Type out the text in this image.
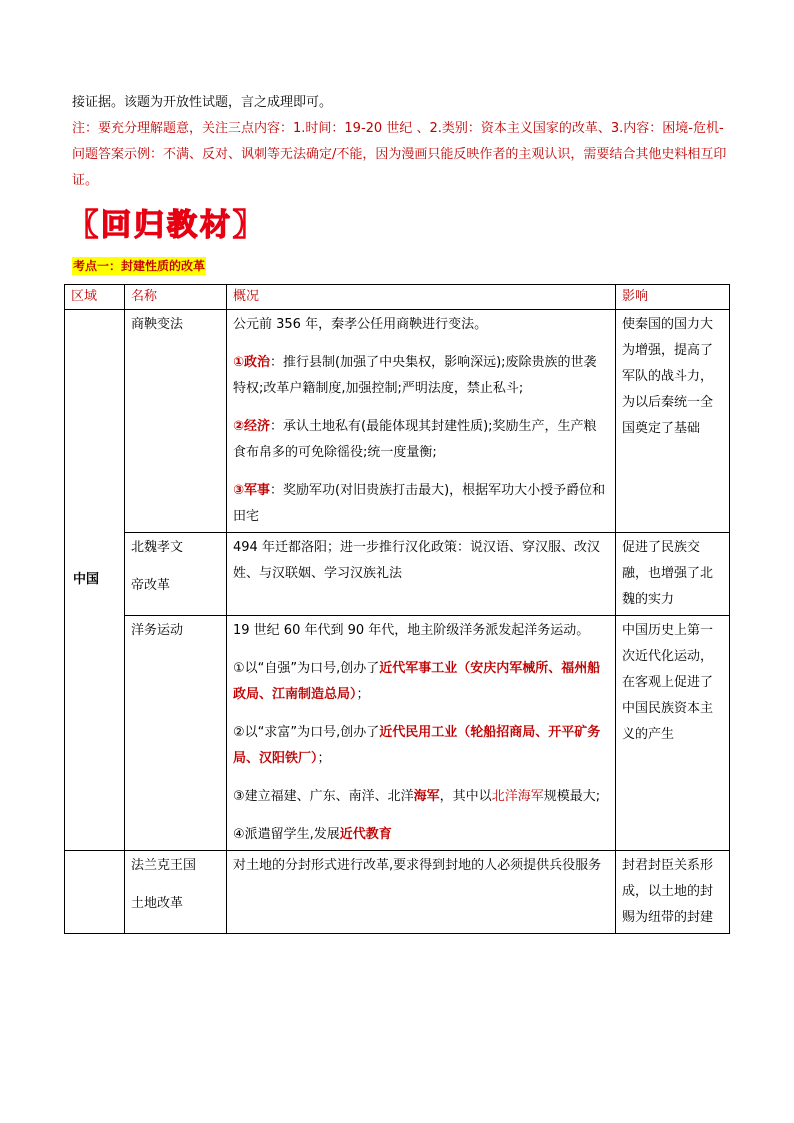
接证据。该题为开放性试题，言之成理即可。

注：要充分理解题意，关注三点内容：1.时间：19-20 世纪 、2.类别：资本主义国家的改革、3.内容：困境-危机-问题答案示例：不满、反对、讽刺等无法确定/不能，因为漫画只能反映作者的主观认识，需要结合其他史料相互印证。

【回归教材】
考点一：封建性质的改革
区域	名称	概况	影响
中国	商鞅变法	公元前 356 年，秦孝公任用商鞅进行变法。

①政治：推行县制(加强了中央集权，影响深远);废除贵族的世袭特权;改革户籍制度,加强控制;严明法度，禁止私斗;

②经济：承认土地私有(最能体现其封建性质);奖励生产，生产粮食布帛多的可免除徭役;统一度量衡;

③军事：奖励军功(对旧贵族打击最大)，根据军功大小授予爵位和田宅	使秦国的国力大为增强，提高了军队的战斗力，为以后秦统一全国奠定了基础

	北魏孝文

帝改革	494 年迁都洛阳；进一步推行汉化政策：说汉语、穿汉服、改汉姓、与汉联姻、学习汉族礼法	促进了民族交融，也增强了北魏的实力
	洋务运动	19 世纪 60 年代到 90 年代，地主阶级洋务派发起洋务运动。

①以“自强”为口号,创办了近代军事工业（安庆内军械所、福州船政局、江南制造总局）；

②以“求富”为口号,创办了近代民用工业（轮船招商局、开平矿务局、汉阳铁厂）；

③建立福建、广东、南洋、北洋海军，其中以北洋海军规模最大;

④派遣留学生,发展近代教育	中国历史上第一次近代化运动，在客观上促进了中国民族资本主义的产生

	法兰克王国

土地改革	对土地的分封形式进行改革,要求得到封地的人必须提供兵役服务	封君封臣关系形成，以土地的封赐为纽带的封建
